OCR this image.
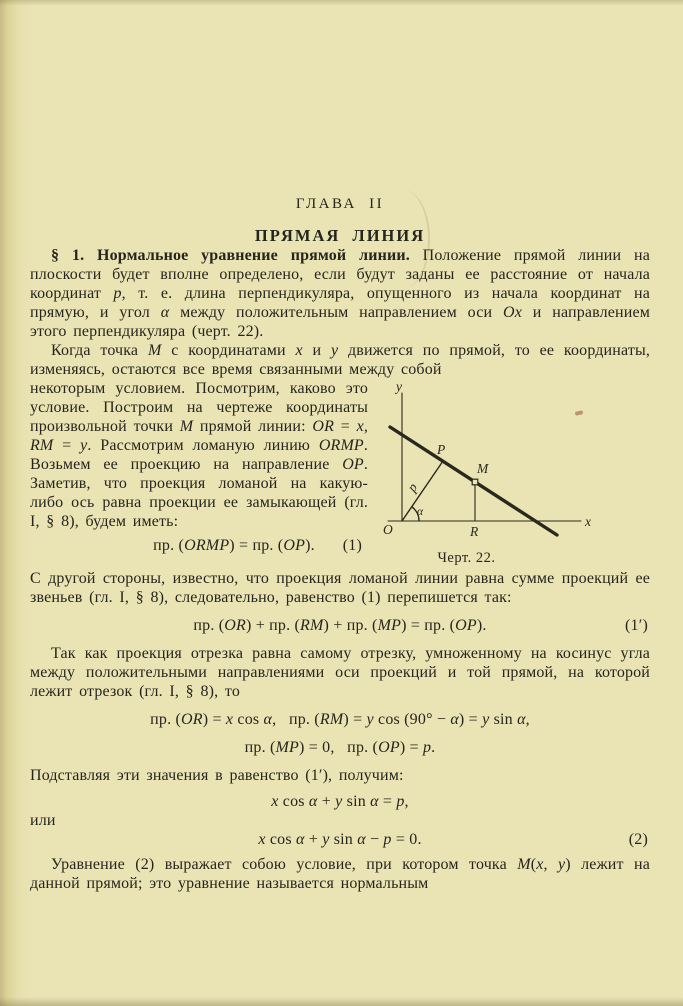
ГЛАВА II
ПРЯМАЯ ЛИНИЯ

§ 1. Нормальное уравнение прямой линии. Положение прямой линии на плоскости будет вполне определено, если будут заданы ее расстояние от начала координат p, т. е. длина перпендикуляра, опущенного из начала координат на прямую, и угол α между положительным направлением оси Ox и направлением этого перпендикуляра (черт. 22).

Когда точка M с координатами x и y движется по прямой, то ее координаты, изменяясь, остаются все время связанными между собой

y
x
O
P
M
R
p
α
Черт. 22.

некоторым условием. Посмотрим, каково это условие. Построим на чертеже координаты произвольной точки M прямой линии: OR = x, RM = y. Рассмотрим ломаную линию ORMP. Возьмем ее проекцию на направление OP. Заметив, что проекция ломаной на какую-либо ось равна проекции ее замыкающей (гл. I, § 8), будем иметь:

пр. (ORMP) = пр. (OP). (1)

С другой стороны, известно, что проекция ломаной линии равна сумме проекций ее звеньев (гл. I, § 8), следовательно, равенство (1) перепишется так:

пр. (OR) + пр. (RM) + пр. (MP) = пр. (OP).	(1′)

Так как проекция отрезка равна самому отрезку, умноженному на косинус угла между положительными направлениями оси проекций и той прямой, на которой лежит отрезок (гл. I, § 8), то

пр. (OR) = x cos α,   пр. (RM) = y cos (90° − α) = y sin α,
пр. (MP) = 0,   пр. (OP) = p.

Подставляя эти значения в равенство (1′), получим:

x cos α + y sin α = p,

или

x cos α + y sin α − p = 0.	(2)

Уравнение (2) выражает собою условие, при котором точка M(x, y) лежит на данной прямой; это уравнение называется нормальным
